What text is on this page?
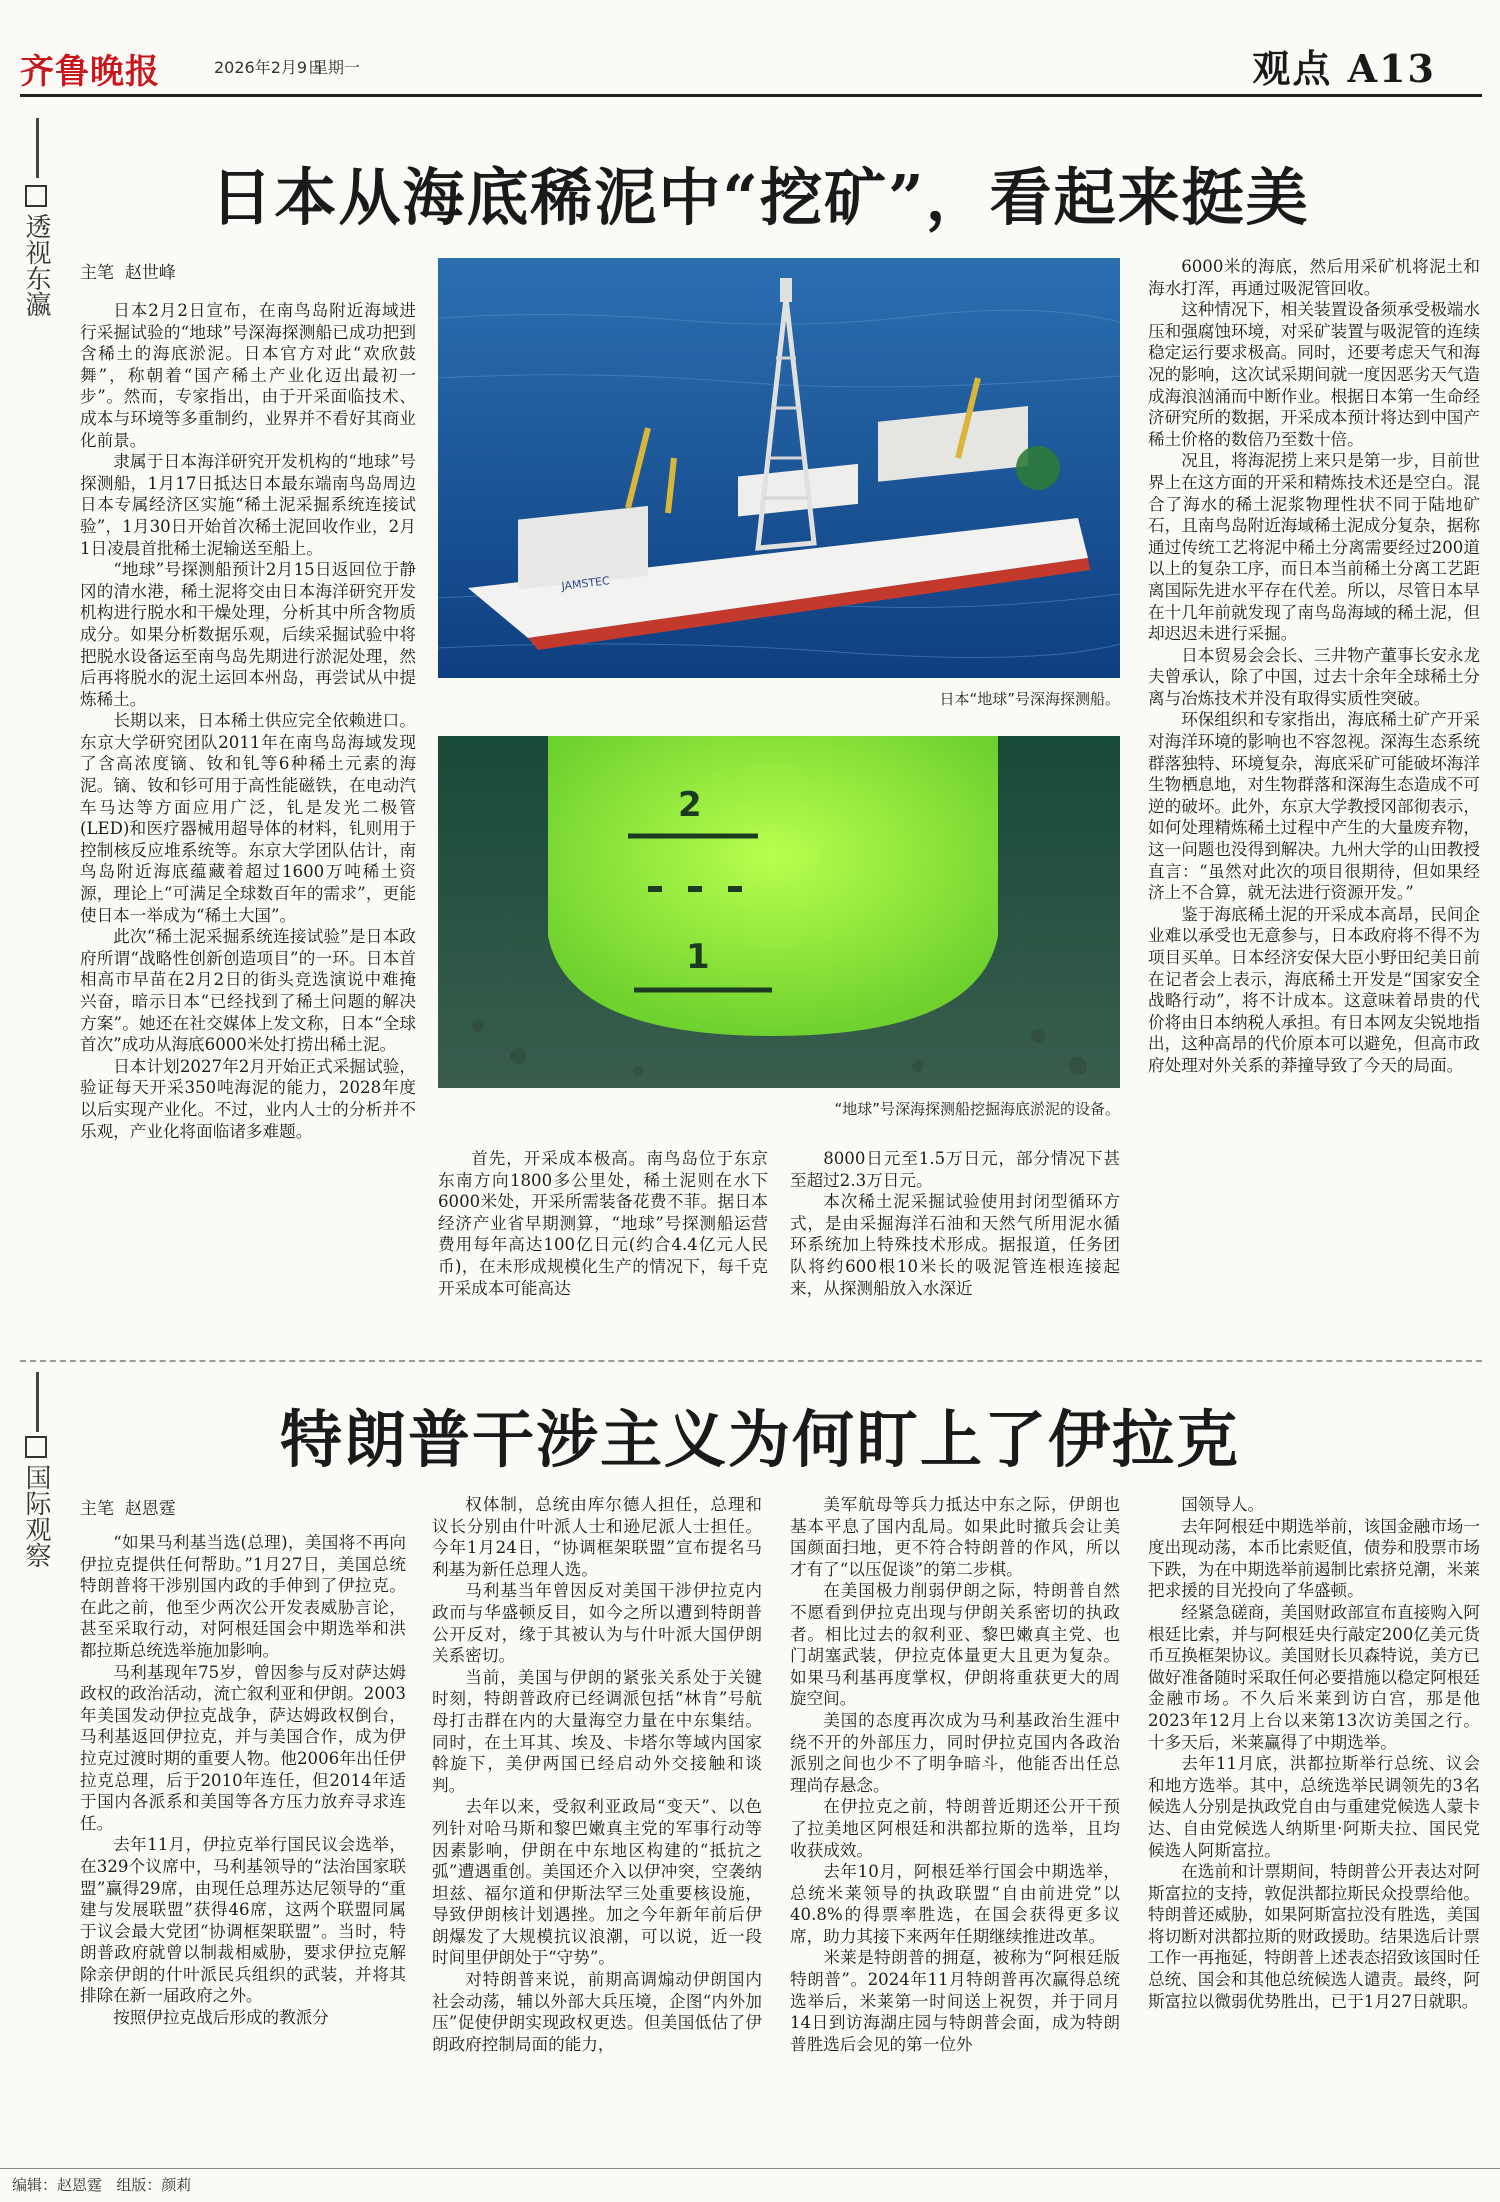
齐鲁晚报	2026年2月9日
星期一	观点 A13
透视东瀛
日本从海底稀泥中“挖矿”，看起来挺美
主笔 赵世峰

日本2月2日宣布，在南鸟岛附近海域进行采掘试验的“地球”号深海探测船已成功把到含稀土的海底淤泥。日本官方对此“欢欣鼓舞”，称朝着“国产稀土产业化迈出最初一步”。然而，专家指出，由于开采面临技术、成本与环境等多重制约，业界并不看好其商业化前景。

隶属于日本海洋研究开发机构的“地球”号探测船，1月17日抵达日本最东端南鸟岛周边日本专属经济区实施“稀土泥采掘系统连接试验”，1月30日开始首次稀土泥回收作业，2月1日凌晨首批稀土泥输送至船上。

“地球”号探测船预计2月15日返回位于静冈的清水港，稀土泥将交由日本海洋研究开发机构进行脱水和干燥处理，分析其中所含物质成分。如果分析数据乐观，后续采掘试验中将把脱水设备运至南鸟岛先期进行淤泥处理，然后再将脱水的泥土运回本州岛，再尝试从中提炼稀土。

长期以来，日本稀土供应完全依赖进口。东京大学研究团队2011年在南鸟岛海域发现了含高浓度镝、钕和钆等6种稀土元素的海泥。镝、钕和钐可用于高性能磁铁，在电动汽车马达等方面应用广泛，钆是发光二极管(LED)和医疗器械用超导体的材料，钆则用于控制核反应堆系统等。东京大学团队估计，南鸟岛附近海底蕴藏着超过1600万吨稀土资源，理论上“可满足全球数百年的需求”，更能使日本一举成为“稀土大国”。

此次“稀土泥采掘系统连接试验”是日本政府所谓“战略性创新创造项目”的一环。日本首相高市早苗在2月2日的街头竞选演说中难掩兴奋，暗示日本“已经找到了稀土问题的解决方案”。她还在社交媒体上发文称，日本“全球首次”成功从海底6000米处打捞出稀土泥。

日本计划2027年2月开始正式采掘试验，验证每天开采350吨海泥的能力，2028年度以后实现产业化。不过，业内人士的分析并不乐观，产业化将面临诸多难题。

JAMSTEC
日本“地球”号深海探测船。
2
1
“地球”号深海探测船挖掘海底淤泥的设备。

首先，开采成本极高。南鸟岛位于东京东南方向1800多公里处，稀土泥则在水下6000米处，开采所需装备花费不菲。据日本经济产业省早期测算，“地球”号探测船运营费用每年高达100亿日元(约合4.4亿元人民币)，在未形成规模化生产的情况下，每千克开采成本可能高达

8000日元至1.5万日元，部分情况下甚至超过2.3万日元。

本次稀土泥采掘试验使用封闭型循环方式，是由采掘海洋石油和天然气所用泥水循环系统加上特殊技术形成。据报道，任务团队将约600根10米长的吸泥管连根连接起来，从探测船放入水深近

6000米的海底，然后用采矿机将泥土和海水打浑，再通过吸泥管回收。

这种情况下，相关装置设备须承受极端水压和强腐蚀环境，对采矿装置与吸泥管的连续稳定运行要求极高。同时，还要考虑天气和海况的影响，这次试采期间就一度因恶劣天气造成海浪汹涌而中断作业。根据日本第一生命经济研究所的数据，开采成本预计将达到中国产稀土价格的数倍乃至数十倍。

况且，将海泥捞上来只是第一步，目前世界上在这方面的开采和精炼技术还是空白。混合了海水的稀土泥浆物理性状不同于陆地矿石，且南鸟岛附近海域稀土泥成分复杂，据称通过传统工艺将泥中稀土分离需要经过200道以上的复杂工序，而日本当前稀土分离工艺距离国际先进水平存在代差。所以，尽管日本早在十几年前就发现了南鸟岛海域的稀土泥，但却迟迟未进行采掘。

日本贸易会会长、三井物产董事长安永龙夫曾承认，除了中国，过去十余年全球稀土分离与冶炼技术并没有取得实质性突破。

环保组织和专家指出，海底稀土矿产开采对海洋环境的影响也不容忽视。深海生态系统群落独特、环境复杂，海底采矿可能破坏海洋生物栖息地，对生物群落和深海生态造成不可逆的破坏。此外，东京大学教授冈部彻表示，如何处理精炼稀土过程中产生的大量废弃物，这一问题也没得到解决。九州大学的山田教授直言：“虽然对此次的项目很期待，但如果经济上不合算，就无法进行资源开发。”

鉴于海底稀土泥的开采成本高昂，民间企业难以承受也无意参与，日本政府将不得不为项目买单。日本经济安保大臣小野田纪美日前在记者会上表示，海底稀土开发是“国家安全战略行动”，将不计成本。这意味着昂贵的代价将由日本纳税人承担。有日本网友尖锐地指出，这种高昂的代价原本可以避免，但高市政府处理对外关系的莽撞导致了今天的局面。

国际观察
特朗普干涉主义为何盯上了伊拉克
主笔 赵恩霆

“如果马利基当选(总理)，美国将不再向伊拉克提供任何帮助。”1月27日，美国总统特朗普将干涉别国内政的手伸到了伊拉克。在此之前，他至少两次公开发表威胁言论，甚至采取行动，对阿根廷国会中期选举和洪都拉斯总统选举施加影响。

马利基现年75岁，曾因参与反对萨达姆政权的政治活动，流亡叙利亚和伊朗。2003年美国发动伊拉克战争，萨达姆政权倒台，马利基返回伊拉克，并与美国合作，成为伊拉克过渡时期的重要人物。他2006年出任伊拉克总理，后于2010年连任，但2014年适于国内各派系和美国等各方压力放弃寻求连任。

去年11月，伊拉克举行国民议会选举，在329个议席中，马利基领导的“法治国家联盟”赢得29席，由现任总理苏达尼领导的“重建与发展联盟”获得46席，这两个联盟同属于议会最大党团“协调框架联盟”。当时，特朗普政府就曾以制裁相威胁，要求伊拉克解除亲伊朗的什叶派民兵组织的武装，并将其排除在新一届政府之外。

按照伊拉克战后形成的教派分

权体制，总统由库尔德人担任，总理和议长分别由什叶派人士和逊尼派人士担任。今年1月24日，“协调框架联盟”宣布提名马利基为新任总理人选。

马利基当年曾因反对美国干涉伊拉克内政而与华盛顿反目，如今之所以遭到特朗普公开反对，缘于其被认为与什叶派大国伊朗关系密切。

当前，美国与伊朗的紧张关系处于关键时刻，特朗普政府已经调派包括“林肯”号航母打击群在内的大量海空力量在中东集结。同时，在土耳其、埃及、卡塔尔等域内国家斡旋下，美伊两国已经启动外交接触和谈判。

去年以来，受叙利亚政局“变天”、以色列针对哈马斯和黎巴嫩真主党的军事行动等因素影响，伊朗在中东地区构建的“抵抗之弧”遭遇重创。美国还介入以伊冲突，空袭纳坦兹、福尔道和伊斯法罕三处重要核设施，导致伊朗核计划遇挫。加之今年新年前后伊朗爆发了大规模抗议浪潮，可以说，近一段时间里伊朗处于“守势”。

对特朗普来说，前期高调煽动伊朗国内社会动荡，辅以外部大兵压境，企图“内外加压”促使伊朗实现政权更迭。但美国低估了伊朗政府控制局面的能力，

美军航母等兵力抵达中东之际，伊朗也基本平息了国内乱局。如果此时撤兵会让美国颜面扫地，更不符合特朗普的作风，所以才有了“以压促谈”的第二步棋。

在美国极力削弱伊朗之际，特朗普自然不愿看到伊拉克出现与伊朗关系密切的执政者。相比过去的叙利亚、黎巴嫩真主党、也门胡塞武装，伊拉克体量更大且更为复杂。如果马利基再度掌权，伊朗将重获更大的周旋空间。

美国的态度再次成为马利基政治生涯中绕不开的外部压力，同时伊拉克国内各政治派别之间也少不了明争暗斗，他能否出任总理尚存悬念。

在伊拉克之前，特朗普近期还公开干预了拉美地区阿根廷和洪都拉斯的选举，且均收获成效。

去年10月，阿根廷举行国会中期选举，总统米莱领导的执政联盟“自由前进党”以40.8%的得票率胜选，在国会获得更多议席，助力其接下来两年任期继续推进改革。

米莱是特朗普的拥趸，被称为“阿根廷版特朗普”。2024年11月特朗普再次赢得总统选举后，米莱第一时间送上祝贺，并于同月14日到访海湖庄园与特朗普会面，成为特朗普胜选后会见的第一位外

国领导人。

去年阿根廷中期选举前，该国金融市场一度出现动荡，本币比索贬值，债券和股票市场下跌，为在中期选举前遏制比索挤兑潮，米莱把求援的目光投向了华盛顿。

经紧急磋商，美国财政部宣布直接购入阿根廷比索，并与阿根廷央行敲定200亿美元货币互换框架协议。美国财长贝森特说，美方已做好准备随时采取任何必要措施以稳定阿根廷金融市场。不久后米莱到访白宫，那是他2023年12月上台以来第13次访美国之行。十多天后，米莱赢得了中期选举。

去年11月底，洪都拉斯举行总统、议会和地方选举。其中，总统选举民调领先的3名候选人分别是执政党自由与重建党候选人蒙卡达、自由党候选人纳斯里·阿斯夫拉、国民党候选人阿斯富拉。

在选前和计票期间，特朗普公开表达对阿斯富拉的支持，敦促洪都拉斯民众投票给他。特朗普还威胁，如果阿斯富拉没有胜选，美国将切断对洪都拉斯的财政援助。结果选后计票工作一再拖延，特朗普上述表态招致该国时任总统、国会和其他总统候选人谴责。最终，阿斯富拉以微弱优势胜出，已于1月27日就职。

编辑：赵恩霆 组版：颜莉
